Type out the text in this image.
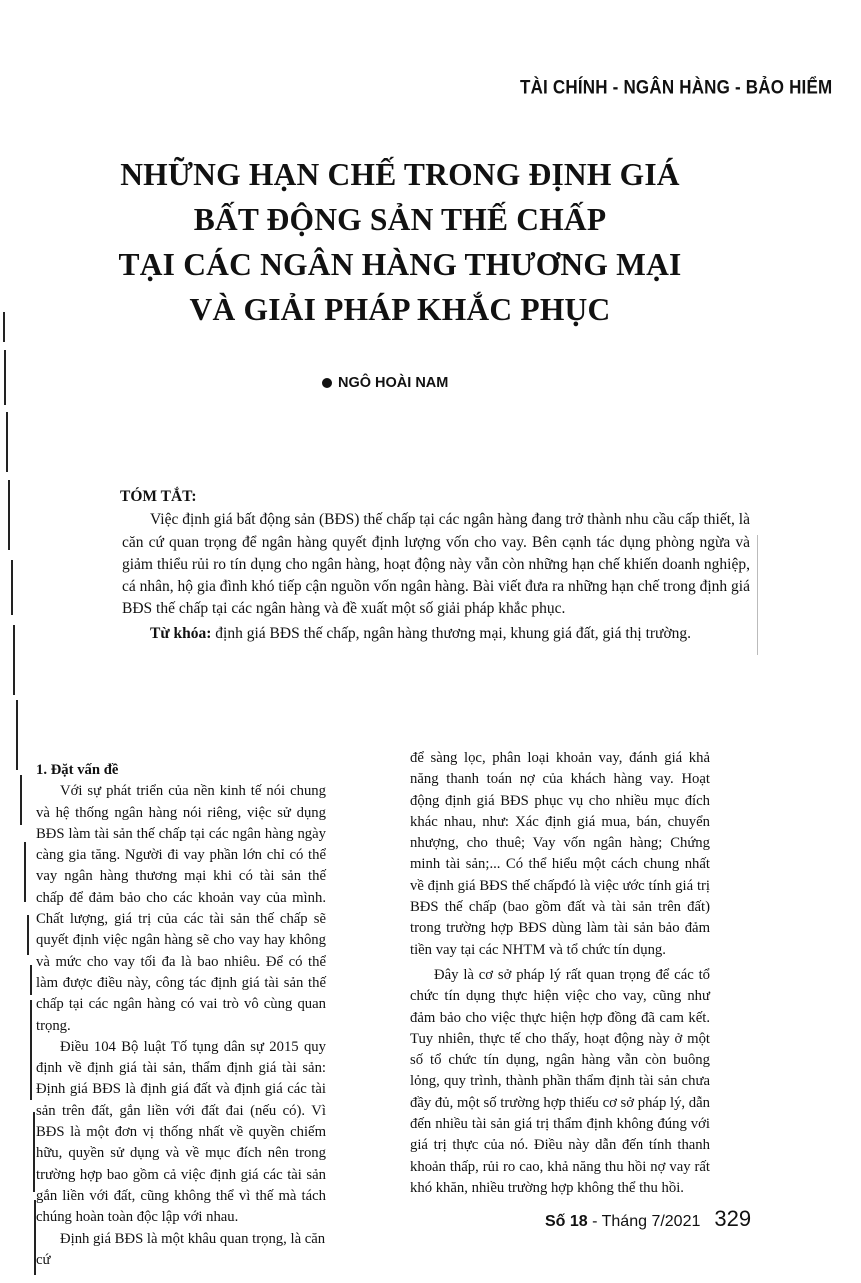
TÀI CHÍNH - NGÂN HÀNG - BẢO HIỂM
NHỮNG HẠN CHẾ TRONG ĐỊNH GIÁ
BẤT ĐỘNG SẢN THẾ CHẤP
TẠI CÁC NGÂN HÀNG THƯƠNG MẠI
VÀ GIẢI PHÁP KHẮC PHỤC
NGÔ HOÀI NAM
TÓM TẮT:

Việc định giá bất động sản (BĐS) thế chấp tại các ngân hàng đang trở thành nhu cầu cấp thiết, là căn cứ quan trọng để ngân hàng quyết định lượng vốn cho vay. Bên cạnh tác dụng phòng ngừa và giảm thiểu rủi ro tín dụng cho ngân hàng, hoạt động này vẫn còn những hạn chế khiến doanh nghiệp, cá nhân, hộ gia đình khó tiếp cận nguồn vốn ngân hàng. Bài viết đưa ra những hạn chế trong định giá BĐS thế chấp tại các ngân hàng và đề xuất một số giải pháp khắc phục.

Từ khóa: định giá BĐS thế chấp, ngân hàng thương mại, khung giá đất, giá thị trường.

1. Đặt vấn đề

Với sự phát triển của nền kinh tế nói chung và hệ thống ngân hàng nói riêng, việc sử dụng BĐS làm tài sản thế chấp tại các ngân hàng ngày càng gia tăng. Người đi vay phần lớn chỉ có thể vay ngân hàng thương mại khi có tài sản thế chấp để đảm bảo cho các khoản vay của mình. Chất lượng, giá trị của các tài sản thế chấp sẽ quyết định việc ngân hàng sẽ cho vay hay không và mức cho vay tối đa là bao nhiêu. Để có thể làm được điều này, công tác định giá tài sản thế chấp tại các ngân hàng có vai trò vô cùng quan trọng.

Điều 104 Bộ luật Tố tụng dân sự 2015 quy định về định giá tài sản, thẩm định giá tài sản: Định giá BĐS là định giá đất và định giá các tài sản trên đất, gắn liền với đất đai (nếu có). Vì BĐS là một đơn vị thống nhất về quyền chiếm hữu, quyền sử dụng và về mục đích nên trong trường hợp bao gồm cả việc định giá các tài sản gắn liền với đất, cũng không thể vì thế mà tách chúng hoàn toàn độc lập với nhau.

Định giá BĐS là một khâu quan trọng, là căn cứ

để sàng lọc, phân loại khoản vay, đánh giá khả năng thanh toán nợ của khách hàng vay. Hoạt động định giá BĐS phục vụ cho nhiều mục đích khác nhau, như: Xác định giá mua, bán, chuyển nhượng, cho thuê; Vay vốn ngân hàng; Chứng minh tài sản;... Có thể hiểu một cách chung nhất về định giá BĐS thế chấpđó là việc ước tính giá trị BĐS thế chấp (bao gồm đất và tài sản trên đất) trong trường hợp BĐS dùng làm tài sản bảo đảm tiền vay tại các NHTM và tổ chức tín dụng.

Đây là cơ sở pháp lý rất quan trọng để các tổ chức tín dụng thực hiện việc cho vay, cũng như đảm bảo cho việc thực hiện hợp đồng đã cam kết. Tuy nhiên, thực tế cho thấy, hoạt động này ở một số tổ chức tín dụng, ngân hàng vẫn còn buông lỏng, quy trình, thành phần thẩm định tài sản chưa đầy đủ, một số trường hợp thiếu cơ sở pháp lý, dẫn đến nhiều tài sản giá trị thẩm định không đúng với giá trị thực của nó. Điều này dẫn đến tính thanh khoản thấp, rủi ro cao, khả năng thu hồi nợ vay rất khó khăn, nhiều trường hợp không thể thu hồi.

Số 18 - Tháng 7/2021 329
